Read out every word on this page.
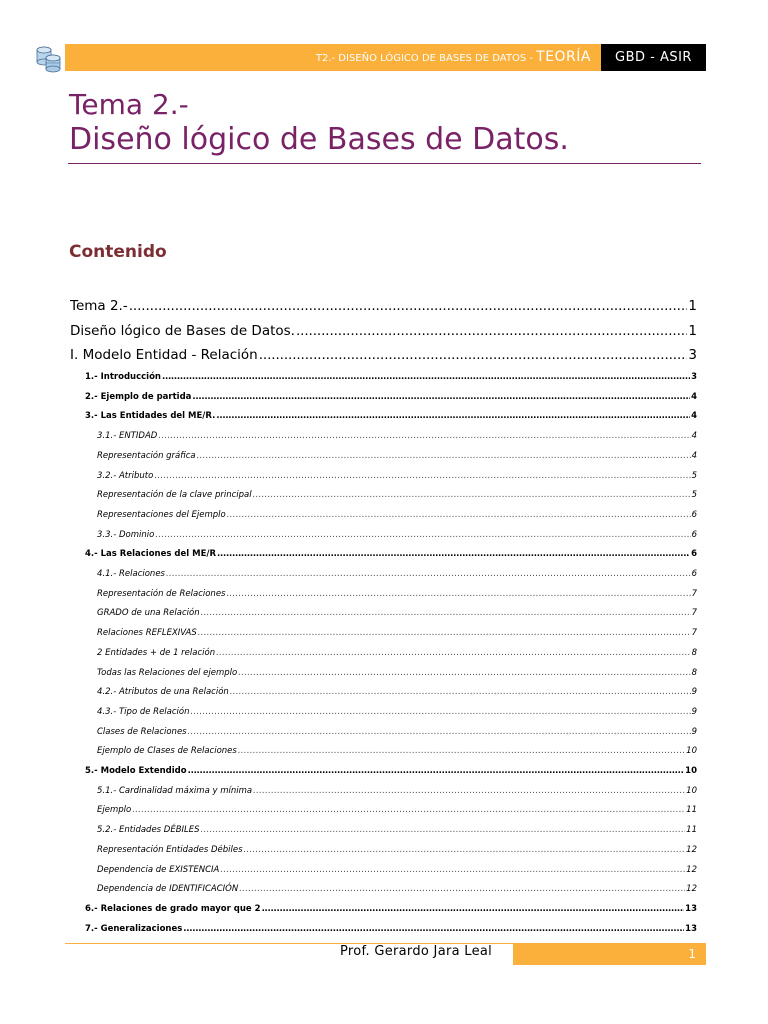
T2.- DISEÑO LÓGICO DE BASES DE DATOS - TEORÍA	GBD - ASIR
Tema 2.-
Diseño lógico de Bases de Datos.
Contenido
Tema 2.- . . .	1
Diseño lógico de Bases de Datos. . . .	1
I. Modelo Entidad - Relación . . .	3
1.- Introducción . . .	3
2.- Ejemplo de partida . . .	4
3.- Las Entidades del ME/R. . . .	4
3.1.- ENTIDAD . . .	4
Representación gráfica . . .	4
3.2.- Atributo . . .	5
Representación de la clave principal . . .	5
Representaciones del Ejemplo . . .	6
3.3.- Dominio . . .	6
4.- Las Relaciones del ME/R . . .	6
4.1.- Relaciones . . .	6
Representación de Relaciones . . .	7
GRADO de una Relación . . .	7
Relaciones REFLEXIVAS . . .	7
2 Entidades + de 1 relación . . .	8
Todas las Relaciones del ejemplo . . .	8
4.2.- Atributos de una Relación . . .	9
4.3.- Tipo de Relación . . .	9
Clases de Relaciones . . .	9
Ejemplo de Clases de Relaciones . . .	10
5.- Modelo Extendido . . .	10
5.1.- Cardinalidad máxima y mínima . . .	10
Ejemplo . . .	11
5.2.- Entidades DÉBILES . . .	11
Representación Entidades Débiles . . .	12
Dependencia de EXISTENCIA . . .	12
Dependencia de IDENTIFICACIÓN . . .	12
6.- Relaciones de grado mayor que 2 . . .	13
7.- Generalizaciones . . .	13
Prof. Gerardo Jara Leal	1
